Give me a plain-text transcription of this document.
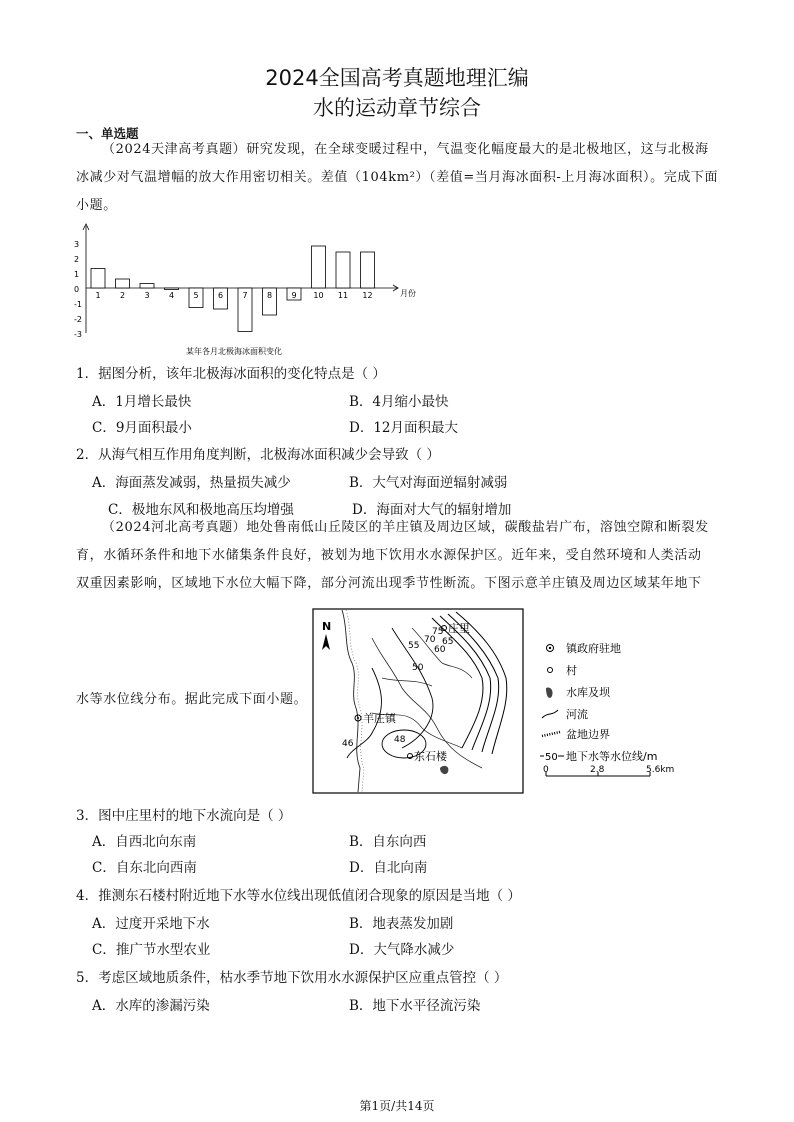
2024全国高考真题地理汇编
水的运动章节综合
一、单选题
（2024天津高考真题）研究发现，在全球变暖过程中，气温变化幅度最大的是北极地区，这与北极海
冰减少对气温增幅的放大作用密切相关。差值（104km²）（差值=当月海冰面积-上月海冰面积）。完成下面
小题。
3
2
1
0
-1
-2
-3
1 2 3 4 5 6 7 8 9 10 11 12	月份
某年各月北极海冰面积变化
1．据图分析，该年北极海冰面积的变化特点是（ ）
A．1月增长最快	B．4月缩小最快
C．9月面积最小	D．12月面积最大
2．从海气相互作用角度判断，北极海冰面积减少会导致（ ）
A．海面蒸发减弱，热量损失减少	B．大气对海面逆辐射减弱
C．极地东风和极地高压均增强	D．海面对大气的辐射增加
（2024河北高考真题）地处鲁南低山丘陵区的羊庄镇及周边区域，碳酸盐岩广布，溶蚀空隙和断裂发
育，水循环条件和地下水储集条件良好，被划为地下饮用水水源保护区。近年来，受自然环境和人类活动
双重因素影响，区域地下水位大幅下降，部分河流出现季节性断流。下图示意羊庄镇及周边区域某年地下
水等水位线分布。据此完成下面小题。
N	庄里
羊庄镇
东石楼
75
70 65
60
55
50
48
46
镇政府驻地
村
水库及坝
河流
盆地边界
50 地下水等水位线/m
0	2.8	5.6km
3．图中庄里村的地下水流向是（ ）
A．自西北向东南	B．自东向西
C．自东北向西南	D．自北向南
4．推测东石楼村附近地下水等水位线出现低值闭合现象的原因是当地（ ）
A．过度开采地下水	B．地表蒸发加剧
C．推广节水型农业	D．大气降水减少
5．考虑区域地质条件，枯水季节地下饮用水水源保护区应重点管控（ ）
A．水库的渗漏污染	B．地下水平径流污染
第1页/共14页
